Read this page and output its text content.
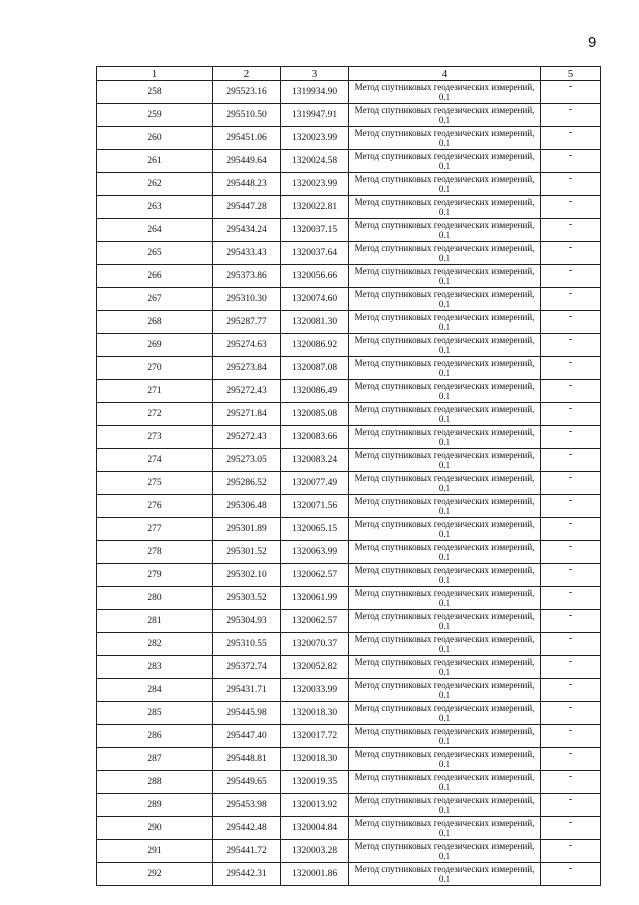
9
1	2	3	4	5
258	295523.16	1319934.90	Метод спутниковых геодезических измерений, 0.1	-
259	295510.50	1319947.91	Метод спутниковых геодезических измерений, 0.1	-
260	295451.06	1320023.99	Метод спутниковых геодезических измерений, 0.1	-
261	295449.64	1320024.58	Метод спутниковых геодезических измерений, 0.1	-
262	295448.23	1320023.99	Метод спутниковых геодезических измерений, 0.1	-
263	295447.28	1320022.81	Метод спутниковых геодезических измерений, 0.1	-
264	295434.24	1320037.15	Метод спутниковых геодезических измерений, 0.1	-
265	295433.43	1320037.64	Метод спутниковых геодезических измерений, 0.1	-
266	295373.86	1320056.66	Метод спутниковых геодезических измерений, 0.1	-
267	295310.30	1320074.60	Метод спутниковых геодезических измерений, 0.1	-
268	295287.77	1320081.30	Метод спутниковых геодезических измерений, 0.1	-
269	295274.63	1320086.92	Метод спутниковых геодезических измерений, 0.1	-
270	295273.84	1320087.08	Метод спутниковых геодезических измерений, 0.1	-
271	295272.43	1320086.49	Метод спутниковых геодезических измерений, 0.1	-
272	295271.84	1320085.08	Метод спутниковых геодезических измерений, 0.1	-
273	295272.43	1320083.66	Метод спутниковых геодезических измерений, 0.1	-
274	295273.05	1320083.24	Метод спутниковых геодезических измерений, 0.1	-
275	295286.52	1320077.49	Метод спутниковых геодезических измерений, 0.1	-
276	295306.48	1320071.56	Метод спутниковых геодезических измерений, 0.1	-
277	295301.89	1320065.15	Метод спутниковых геодезических измерений, 0.1	-
278	295301.52	1320063.99	Метод спутниковых геодезических измерений, 0.1	-
279	295302.10	1320062.57	Метод спутниковых геодезических измерений, 0.1	-
280	295303.52	1320061.99	Метод спутниковых геодезических измерений, 0.1	-
281	295304.93	1320062.57	Метод спутниковых геодезических измерений, 0.1	-
282	295310.55	1320070.37	Метод спутниковых геодезических измерений, 0.1	-
283	295372.74	1320052.82	Метод спутниковых геодезических измерений, 0.1	-
284	295431.71	1320033.99	Метод спутниковых геодезических измерений, 0.1	-
285	295445.98	1320018.30	Метод спутниковых геодезических измерений, 0.1	-
286	295447.40	1320017.72	Метод спутниковых геодезических измерений, 0.1	-
287	295448.81	1320018.30	Метод спутниковых геодезических измерений, 0.1	-
288	295449.65	1320019.35	Метод спутниковых геодезических измерений, 0.1	-
289	295453.98	1320013.92	Метод спутниковых геодезических измерений, 0.1	-
290	295442.48	1320004.84	Метод спутниковых геодезических измерений, 0.1	-
291	295441.72	1320003.28	Метод спутниковых геодезических измерений, 0.1	-
292	295442.31	1320001.86	Метод спутниковых геодезических измерений, 0.1	-
